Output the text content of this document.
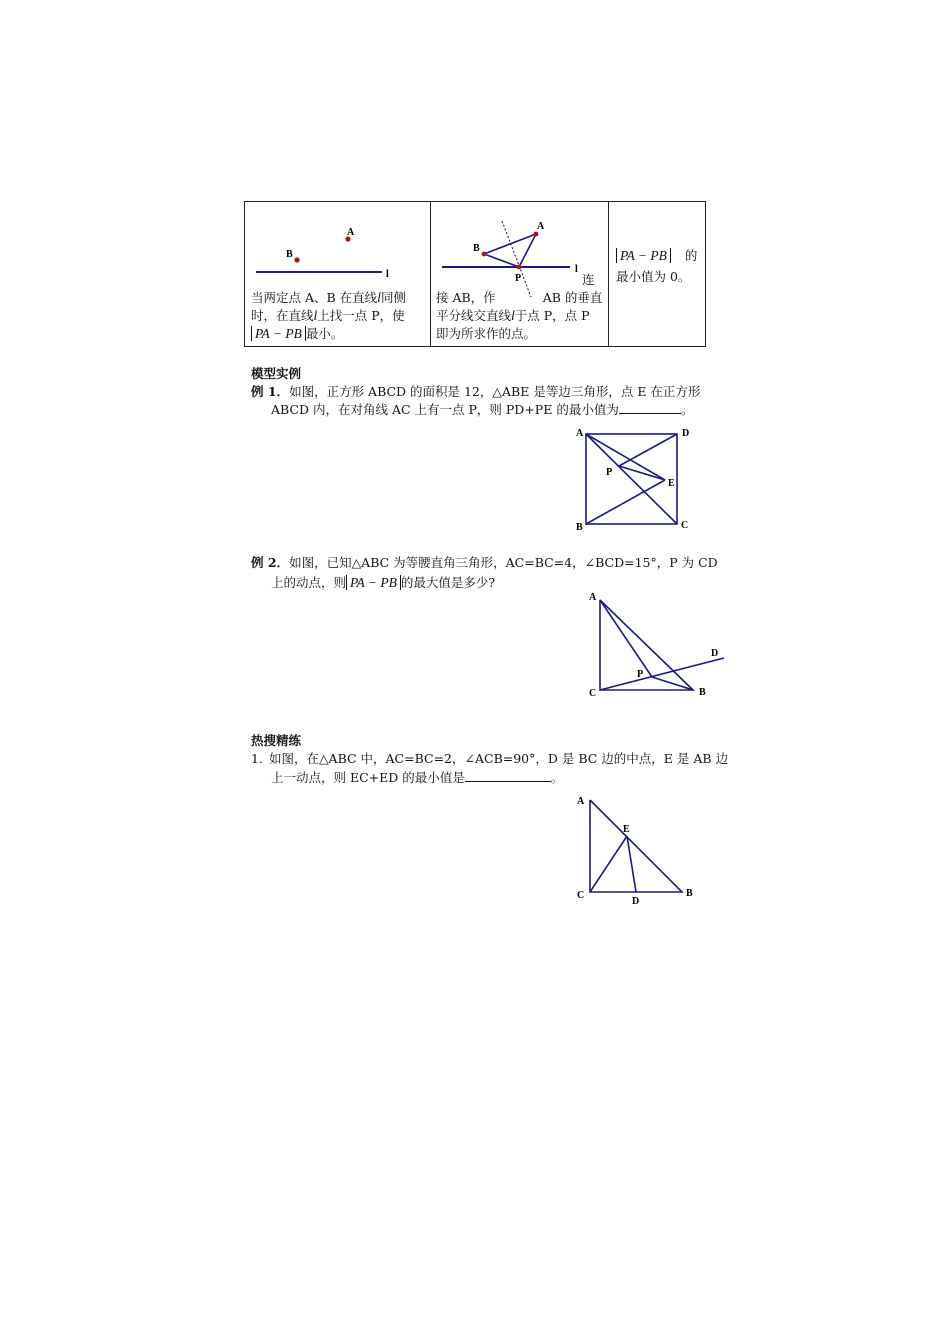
A
B
l
当两定点 A、B 在直线l同侧
时，在直线l上找一点 P，使
PA − PB 最小。
A
B
P
l
连
接 AB，作	AB 的垂直
平分线交直线l于点 P，点 P
即为所求作的点。
PA − PB 的
最小值为 0。
模型实例
例 1．如图，正方形 ABCD 的面积是 12，△ABE 是等边三角形，点 E 在正方形
ABCD 内，在对角线 AC 上有一点 P，则 PD+PE 的最小值为	。
A	D
B	C
E
P
例 2．如图，已知△ABC 为等腰直角三角形，AC=BC=4，∠BCD=15°，P 为 CD
上的动点，则 PA − PB 的最大值是多少?
A
C	B
D
P
热搜精练
1. 如图，在△ABC 中，AC=BC=2，∠ACB=90°，D 是 BC 边的中点，E 是 AB 边
上一动点，则 EC+ED 的最小值是	。
A
E
C
D
B
